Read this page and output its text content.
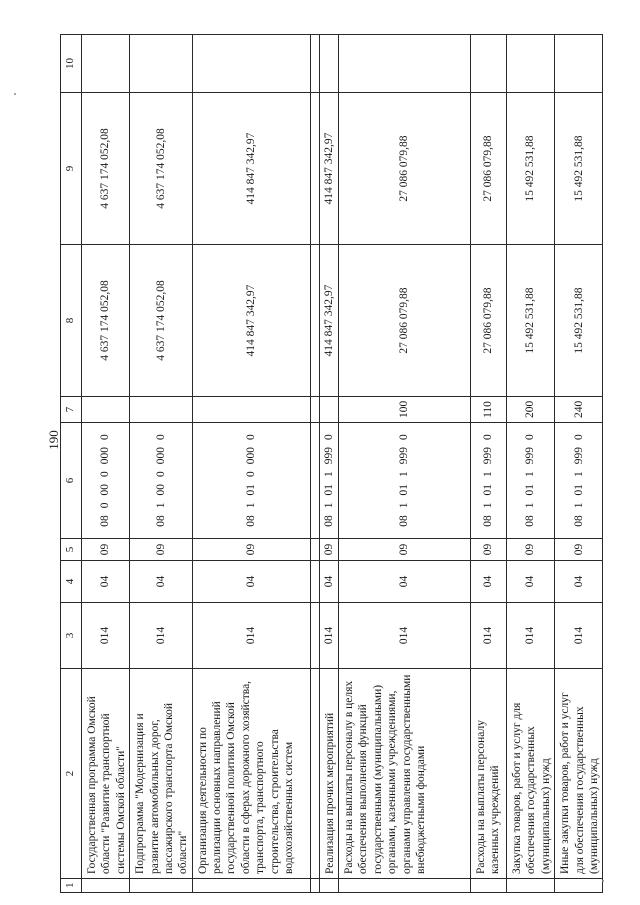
190
1	2	3	4	5	6	7	8	9	10
	Государственная программа Омской области "Развитие транспортной системы Омской области"	014	04	09	0800000000		4 637 174 052,08	4 637 174 052,08	
	Подпрограмма "Модернизация и развитие автомобильных дорог, пассажирского транспорта Омской области"	014	04	09	0810000000		4 637 174 052,08	4 637 174 052,08	
	Организация деятельности по реализации основных направлений государственной политики Омской области в сферах дорожного хозяйства, транспорта, транспортного строительства, строительства водохозяйственных систем	014	04	09	0810100000		414 847 342,97	414 847 342,97	

	Реализация прочих мероприятий	014	04	09	0810119990		414 847 342,97	414 847 342,97	
	Расходы на выплаты персоналу в целях обеспечения выполнения функций государственными (муниципальными) органами, казенными учреждениями, органами управления государственными внебюджетными фондами	014	04	09	0810119990	100	27 086 079,88	27 086 079,88	
	Расходы на выплаты персоналу казенных учреждений	014	04	09	0810119990	110	27 086 079,88	27 086 079,88	
	Закупка товаров, работ и услуг для обеспечения государственных (муниципальных) нужд	014	04	09	0810119990	200	15 492 531,88	15 492 531,88	
	Иные закупки товаров, работ и услуг для обеспечения государственных (муниципальных) нужд	014	04	09	0810119990	240	15 492 531,88	15 492 531,88	
